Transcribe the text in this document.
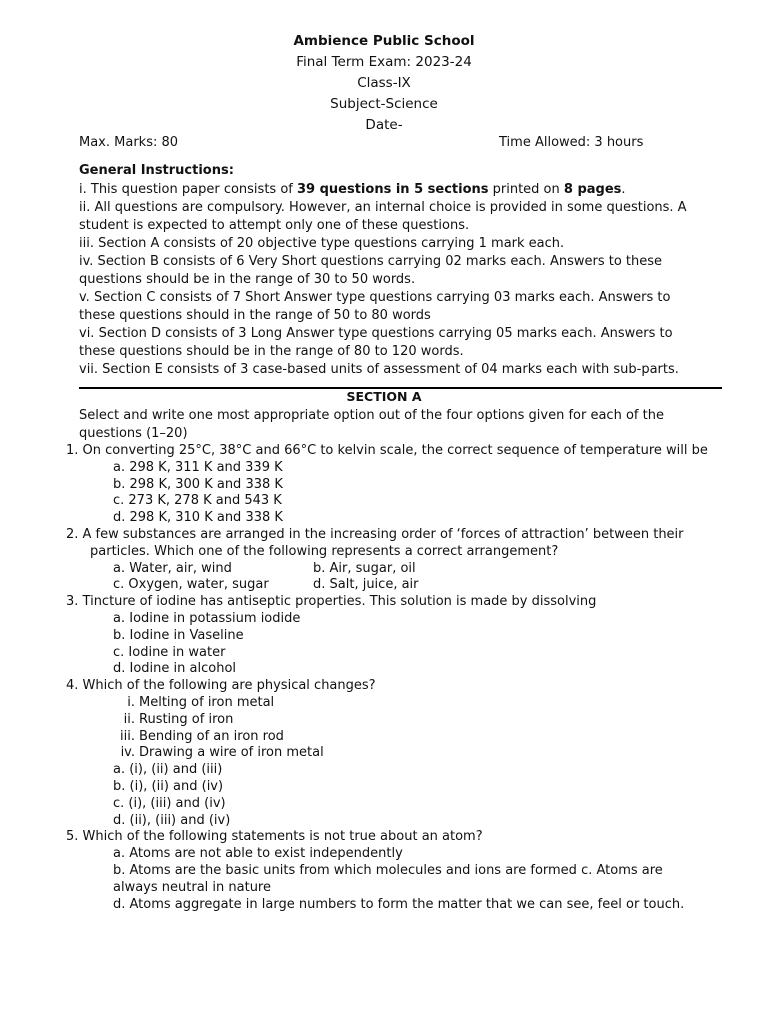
Ambience Public School
Final Term Exam: 2023-24
Class-IX
Subject-Science
Date-
Max. Marks: 80	Time Allowed: 3 hours
General Instructions:

i. This question paper consists of 39 questions in 5 sections printed on 8 pages.

ii. All questions are compulsory. However, an internal choice is provided in some questions. A student is expected to attempt only one of these questions.

iii. Section A consists of 20 objective type questions carrying 1 mark each.

iv. Section B consists of 6 Very Short questions carrying 02 marks each. Answers to these questions should be in the range of 30 to 50 words.

v. Section C consists of 7 Short Answer type questions carrying 03 marks each. Answers to these questions should in the range of 50 to 80 words

vi. Section D consists of 3 Long Answer type questions carrying 05 marks each. Answers to these questions should be in the range of 80 to 120 words.

vii. Section E consists of 3 case-based units of assessment of 04 marks each with sub-parts.

SECTION A
Select and write one most appropriate option out of the four options given for each of the questions (1–20)
1. On converting 25°C, 38°C and 66°C to kelvin scale, the correct sequence of temperature will be
a. 298 K, 311 K and 339 K
b. 298 K, 300 K and 338 K
c. 273 K, 278 K and 543 K
d. 298 K, 310 K and 338 K
2. A few substances are arranged in the increasing order of ‘forces of attraction’ between their particles. Which one of the following represents a correct arrangement?
a. Water, air, wind	b. Air, sugar, oil
c. Oxygen, water, sugar	d. Salt, juice, air
3. Tincture of iodine has antiseptic properties. This solution is made by dissolving
a. Iodine in potassium iodide
b. Iodine in Vaseline
c. Iodine in water
d. Iodine in alcohol
4. Which of the following are physical changes?
i. Melting of iron metal
ii. Rusting of iron
iii. Bending of an iron rod
iv. Drawing a wire of iron metal
a. (i), (ii) and (iii)
b. (i), (ii) and (iv)
c. (i), (iii) and (iv)
d. (ii), (iii) and (iv)
5. Which of the following statements is not true about an atom?
a. Atoms are not able to exist independently
b. Atoms are the basic units from which molecules and ions are formed c. Atoms are always neutral in nature
d. Atoms aggregate in large numbers to form the matter that we can see, feel or touch.
